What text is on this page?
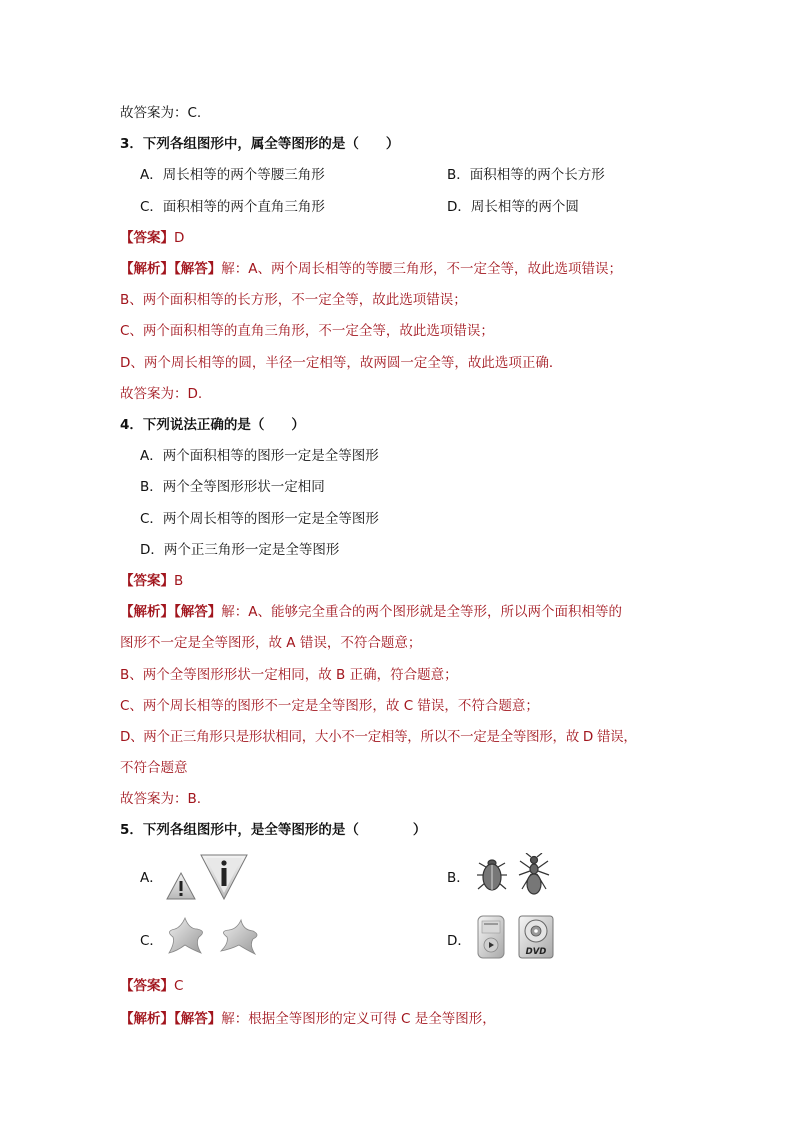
故答案为：C.
3．下列各组图形中，属全等图形的是（　　）
A．周长相等的两个等腰三角形	B．面积相等的两个长方形
C．面积相等的两个直角三角形	D．周长相等的两个圆
【答案】D
【解析】【解答】解：A、两个周长相等的等腰三角形，不一定全等，故此选项错误；
B、两个面积相等的长方形，不一定全等，故此选项错误；
C、两个面积相等的直角三角形，不一定全等，故此选项错误；
D、两个周长相等的圆，半径一定相等，故两圆一定全等，故此选项正确．
故答案为：D.
4．下列说法正确的是（　　）
A．两个面积相等的图形一定是全等图形
B．两个全等图形形状一定相同
C．两个周长相等的图形一定是全等图形
D．两个正三角形一定是全等图形
【答案】B
【解析】【解答】解：A、能够完全重合的两个图形就是全等形，所以两个面积相等的
图形不一定是全等图形，故 A 错误，不符合题意；
B、两个全等图形形状一定相同，故 B 正确，符合题意；
C、两个周长相等的图形不一定是全等图形，故 C 错误，不符合题意；
D、两个正三角形只是形状相同，大小不一定相等，所以不一定是全等图形，故 D 错误，
不符合题意
故答案为：B.
5．下列各组图形中，是全等图形的是（　　　　）
A．	B．
C．	D．
DVD
【答案】C
【解析】【解答】解：根据全等图形的定义可得 C 是全等图形，
